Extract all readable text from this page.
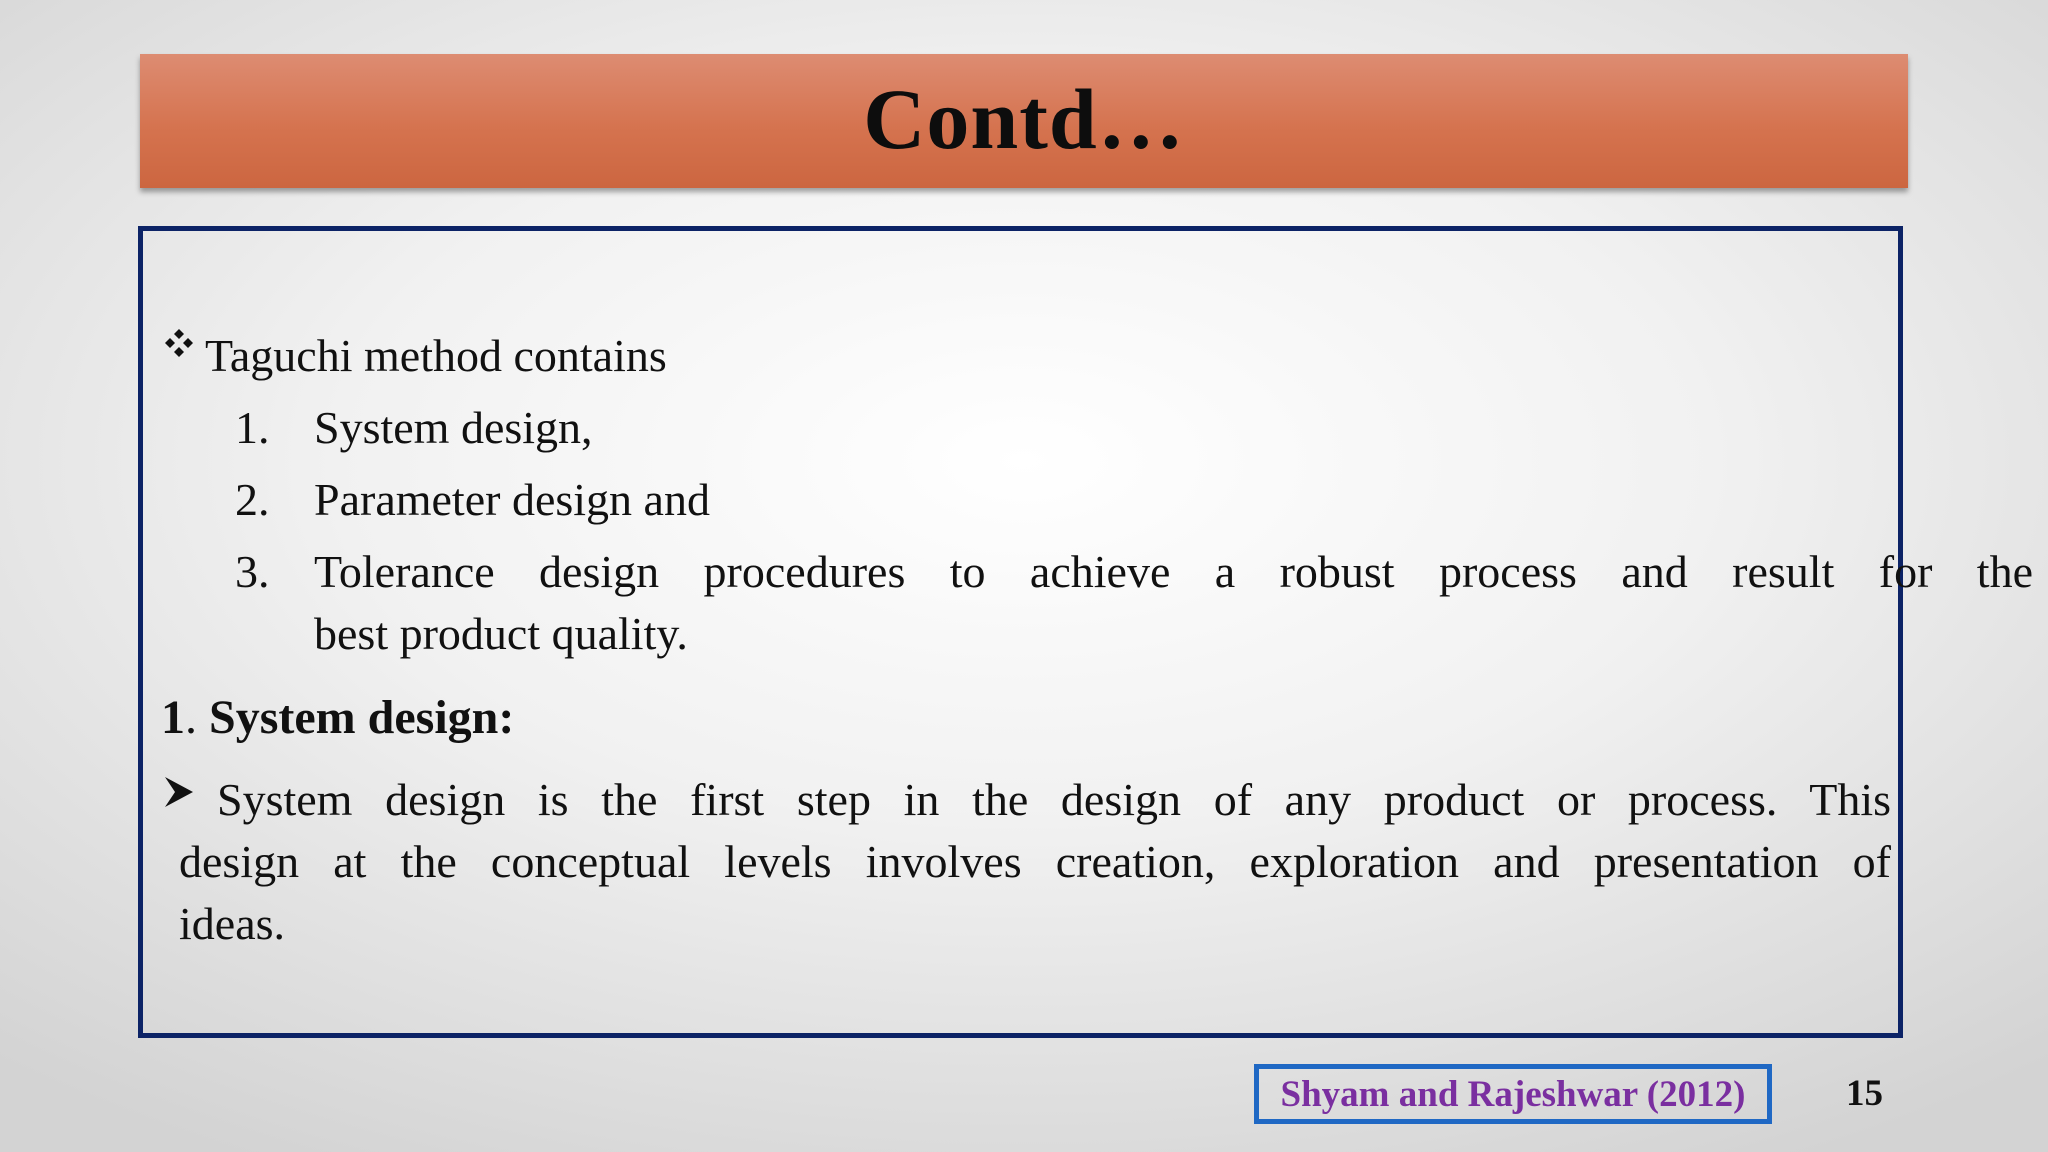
Contd…
Taguchi method contains
1. System design,
2. Parameter design and
3. Tolerance design procedures to achieve a robust process and result for the
best product quality.
1. System design:
System design is the first step in the design of any product or process. This
design at the conceptual levels involves creation, exploration and presentation of
ideas.
Shyam and Rajeshwar (2012)	15
